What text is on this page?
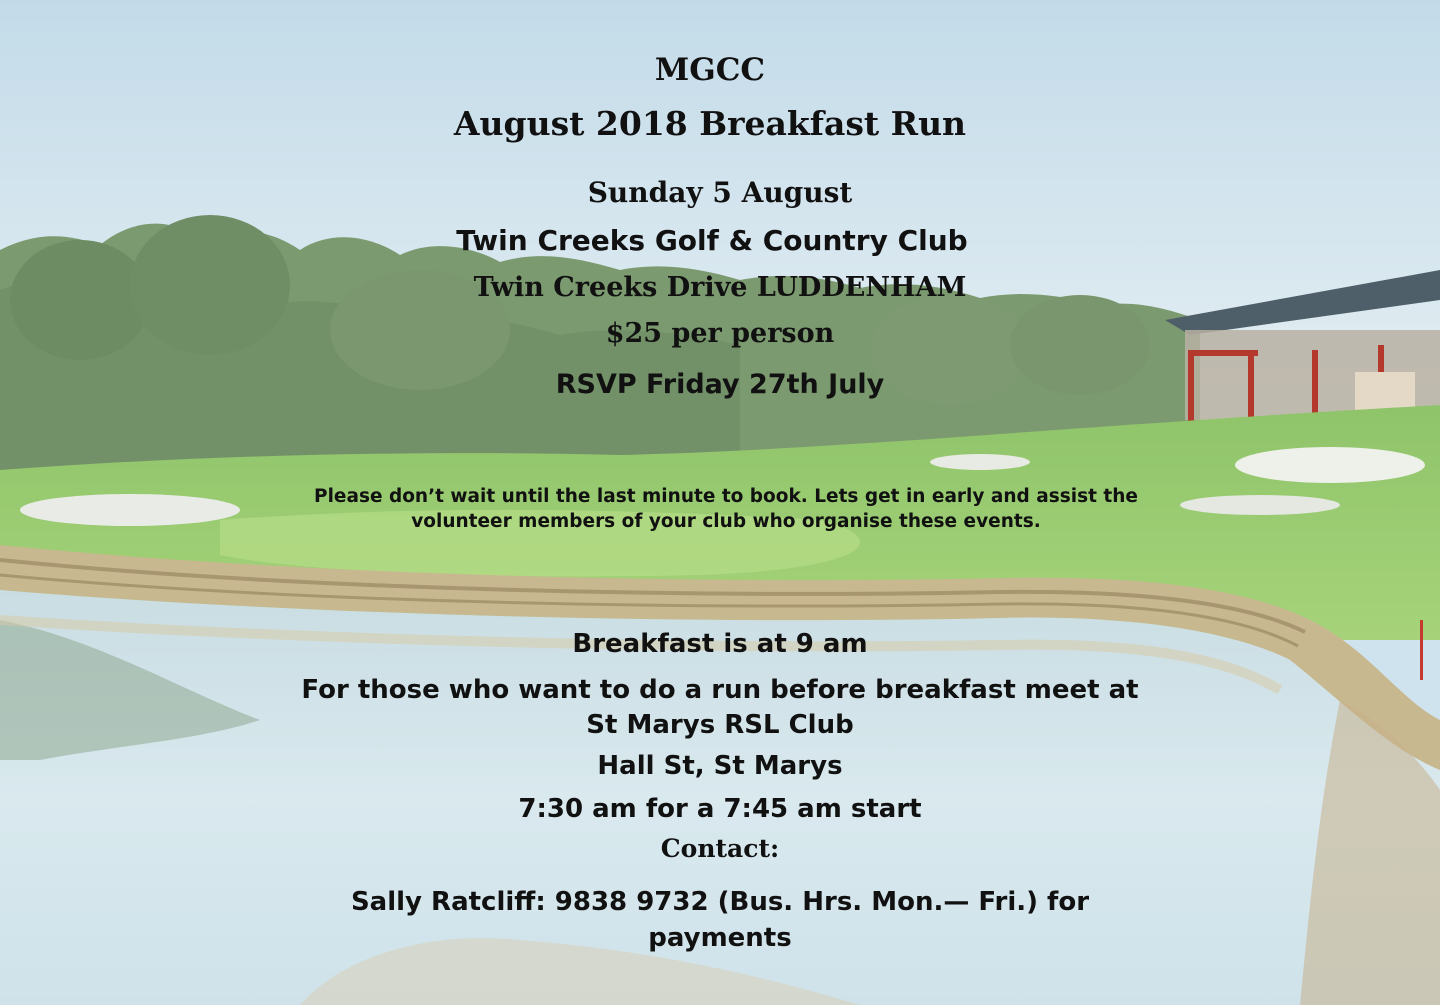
MGCC

August 2018 Breakfast Run

Sunday 5 August

Twin Creeks Golf & Country Club

Twin Creeks Drive LUDDENHAM

$25 per person

RSVP Friday 27th July

Please don’t wait until the last minute to book. Lets get in early and assist the
volunteer members of your club who organise these events.

Breakfast is at 9 am

For those who want to do a run before breakfast meet at
St Marys RSL Club

Hall St, St Marys

7:30 am for a 7:45 am start

Contact:

Sally Ratcliff: 9838 9732 (Bus. Hrs. Mon.— Fri.) for
payments
